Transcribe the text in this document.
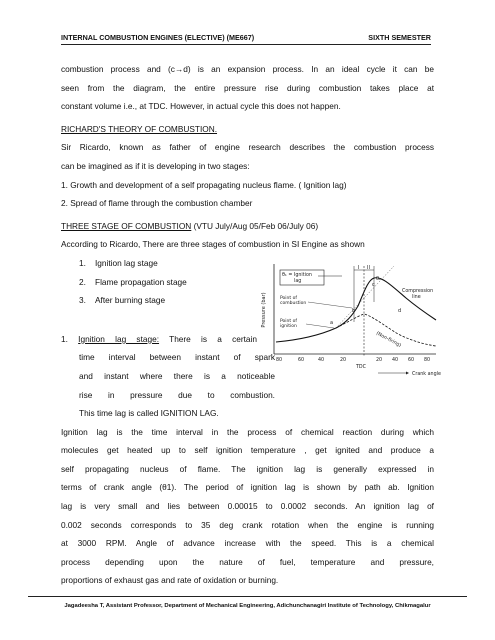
INTERNAL COMBUSTION ENGINES (ELECTIVE) (ME667)	SIXTH SEMESTER

combustion process and (c→d) is an expansion process. In an ideal cycle it can be

seen from the diagram, the entire pressure rise during combustion takes place at

constant volume i.e., at TDC. However, in actual cycle this does not happen.

RICHARD'S THEORY OF COMBUSTION.

Sir Ricardo, known as father of engine research describes the combustion process

can be imagined as if it is developing in two stages:

1. Growth and development of a self propagating nucleus flame. ( Ignition lag)

2. Spread of flame through the combustion chamber

THREE STAGE OF COMBUSTION (VTU July/Aug 05/Feb 06/July 06)

According to Ricardo, There are three stages of combustion in SI Engine as shown

1. Ignition lag stage

2. Flame propagation stage

3. After burning stage

1. Ignition lag stage: There is a certain

time interval between instant of spark

and instant where there is a noticeable

rise in pressure due to combustion.

This time lag is called IGNITION LAG.

Ignition lag is the time interval in the process of chemical reaction during which

molecules get heated up to self ignition temperature , get ignited and produce a

self propagating nucleus of flame. The ignition lag is generally expressed in

terms of crank angle (θ1). The period of ignition lag is shown by path ab. Ignition

lag is very small and lies between 0.00015 to 0.0002 seconds. An ignition lag of

0.002 seconds corresponds to 35 deg crank rotation when the engine is running

at 3000 RPM. Angle of advance increase with the speed. This is a chemical

process depending upon the nature of fuel, temperature and pressure,

proportions of exhaust gas and rate of oxidation or burning.

Pressure (bar)
I II
θ₂
θ₁ = Ignition
lag
a
b
c
d
Point of
combustion
Point of
ignition
Compression
line
(Non-firing)
80	60	40	20	20 40 60 80
TDC
Crank angle
Jagadeesha T, Assistant Professor, Department of Mechanical Engineering, Adichunchanagiri Institute of Technology, Chikmagalur
